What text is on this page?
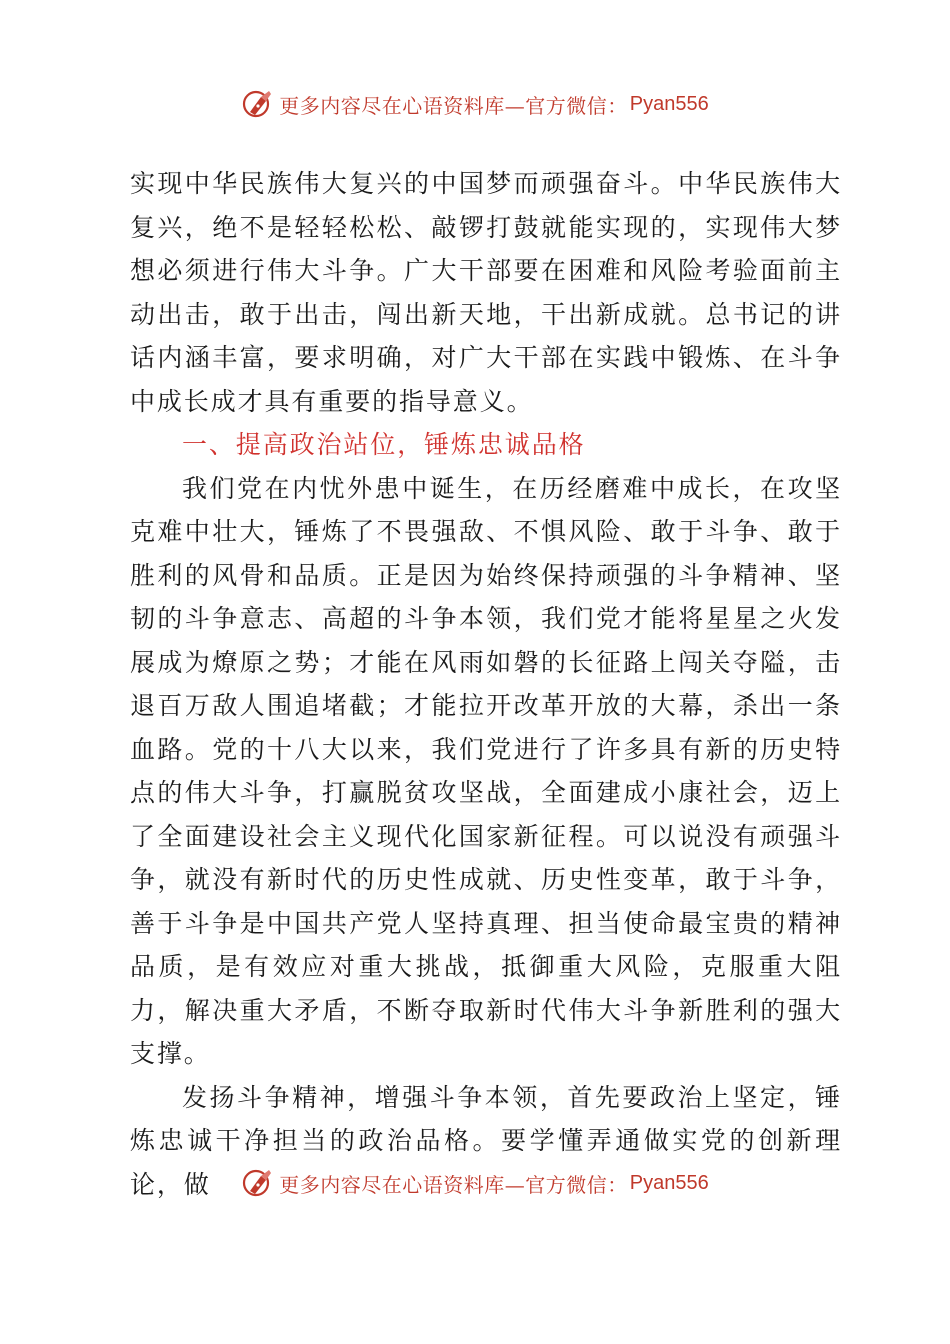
更多内容尽在心语资料库—官方微信： Pyan556

实现中华民族伟大复兴的中国梦而顽强奋斗。中华民族伟大复兴，绝不是轻轻松松、敲锣打鼓就能实现的，实现伟大梦想必须进行伟大斗争。广大干部要在困难和风险考验面前主动出击，敢于出击，闯出新天地，干出新成就。总书记的讲话内涵丰富，要求明确，对广大干部在实践中锻炼、在斗争中成长成才具有重要的指导意义。

一、提高政治站位，锤炼忠诚品格

我们党在内忧外患中诞生，在历经磨难中成长，在攻坚克难中壮大，锤炼了不畏强敌、不惧风险、敢于斗争、敢于胜利的风骨和品质。正是因为始终保持顽强的斗争精神、坚韧的斗争意志、高超的斗争本领，我们党才能将星星之火发展成为燎原之势；才能在风雨如磐的长征路上闯关夺隘，击退百万敌人围追堵截；才能拉开改革开放的大幕，杀出一条血路。党的十八大以来，我们党进行了许多具有新的历史特点的伟大斗争，打赢脱贫攻坚战，全面建成小康社会，迈上了全面建设社会主义现代化国家新征程。可以说没有顽强斗争，就没有新时代的历史性成就、历史性变革，敢于斗争，善于斗争是中国共产党人坚持真理、担当使命最宝贵的精神品质，是有效应对重大挑战，抵御重大风险，克服重大阻力，解决重大矛盾，不断夺取新时代伟大斗争新胜利的强大支撑。

发扬斗争精神，增强斗争本领，首先要政治上坚定，锤炼忠诚干净担当的政治品格。要学懂弄通做实党的创新理论，做	更多内容尽在心语资料库—官方微信： Pyan556
